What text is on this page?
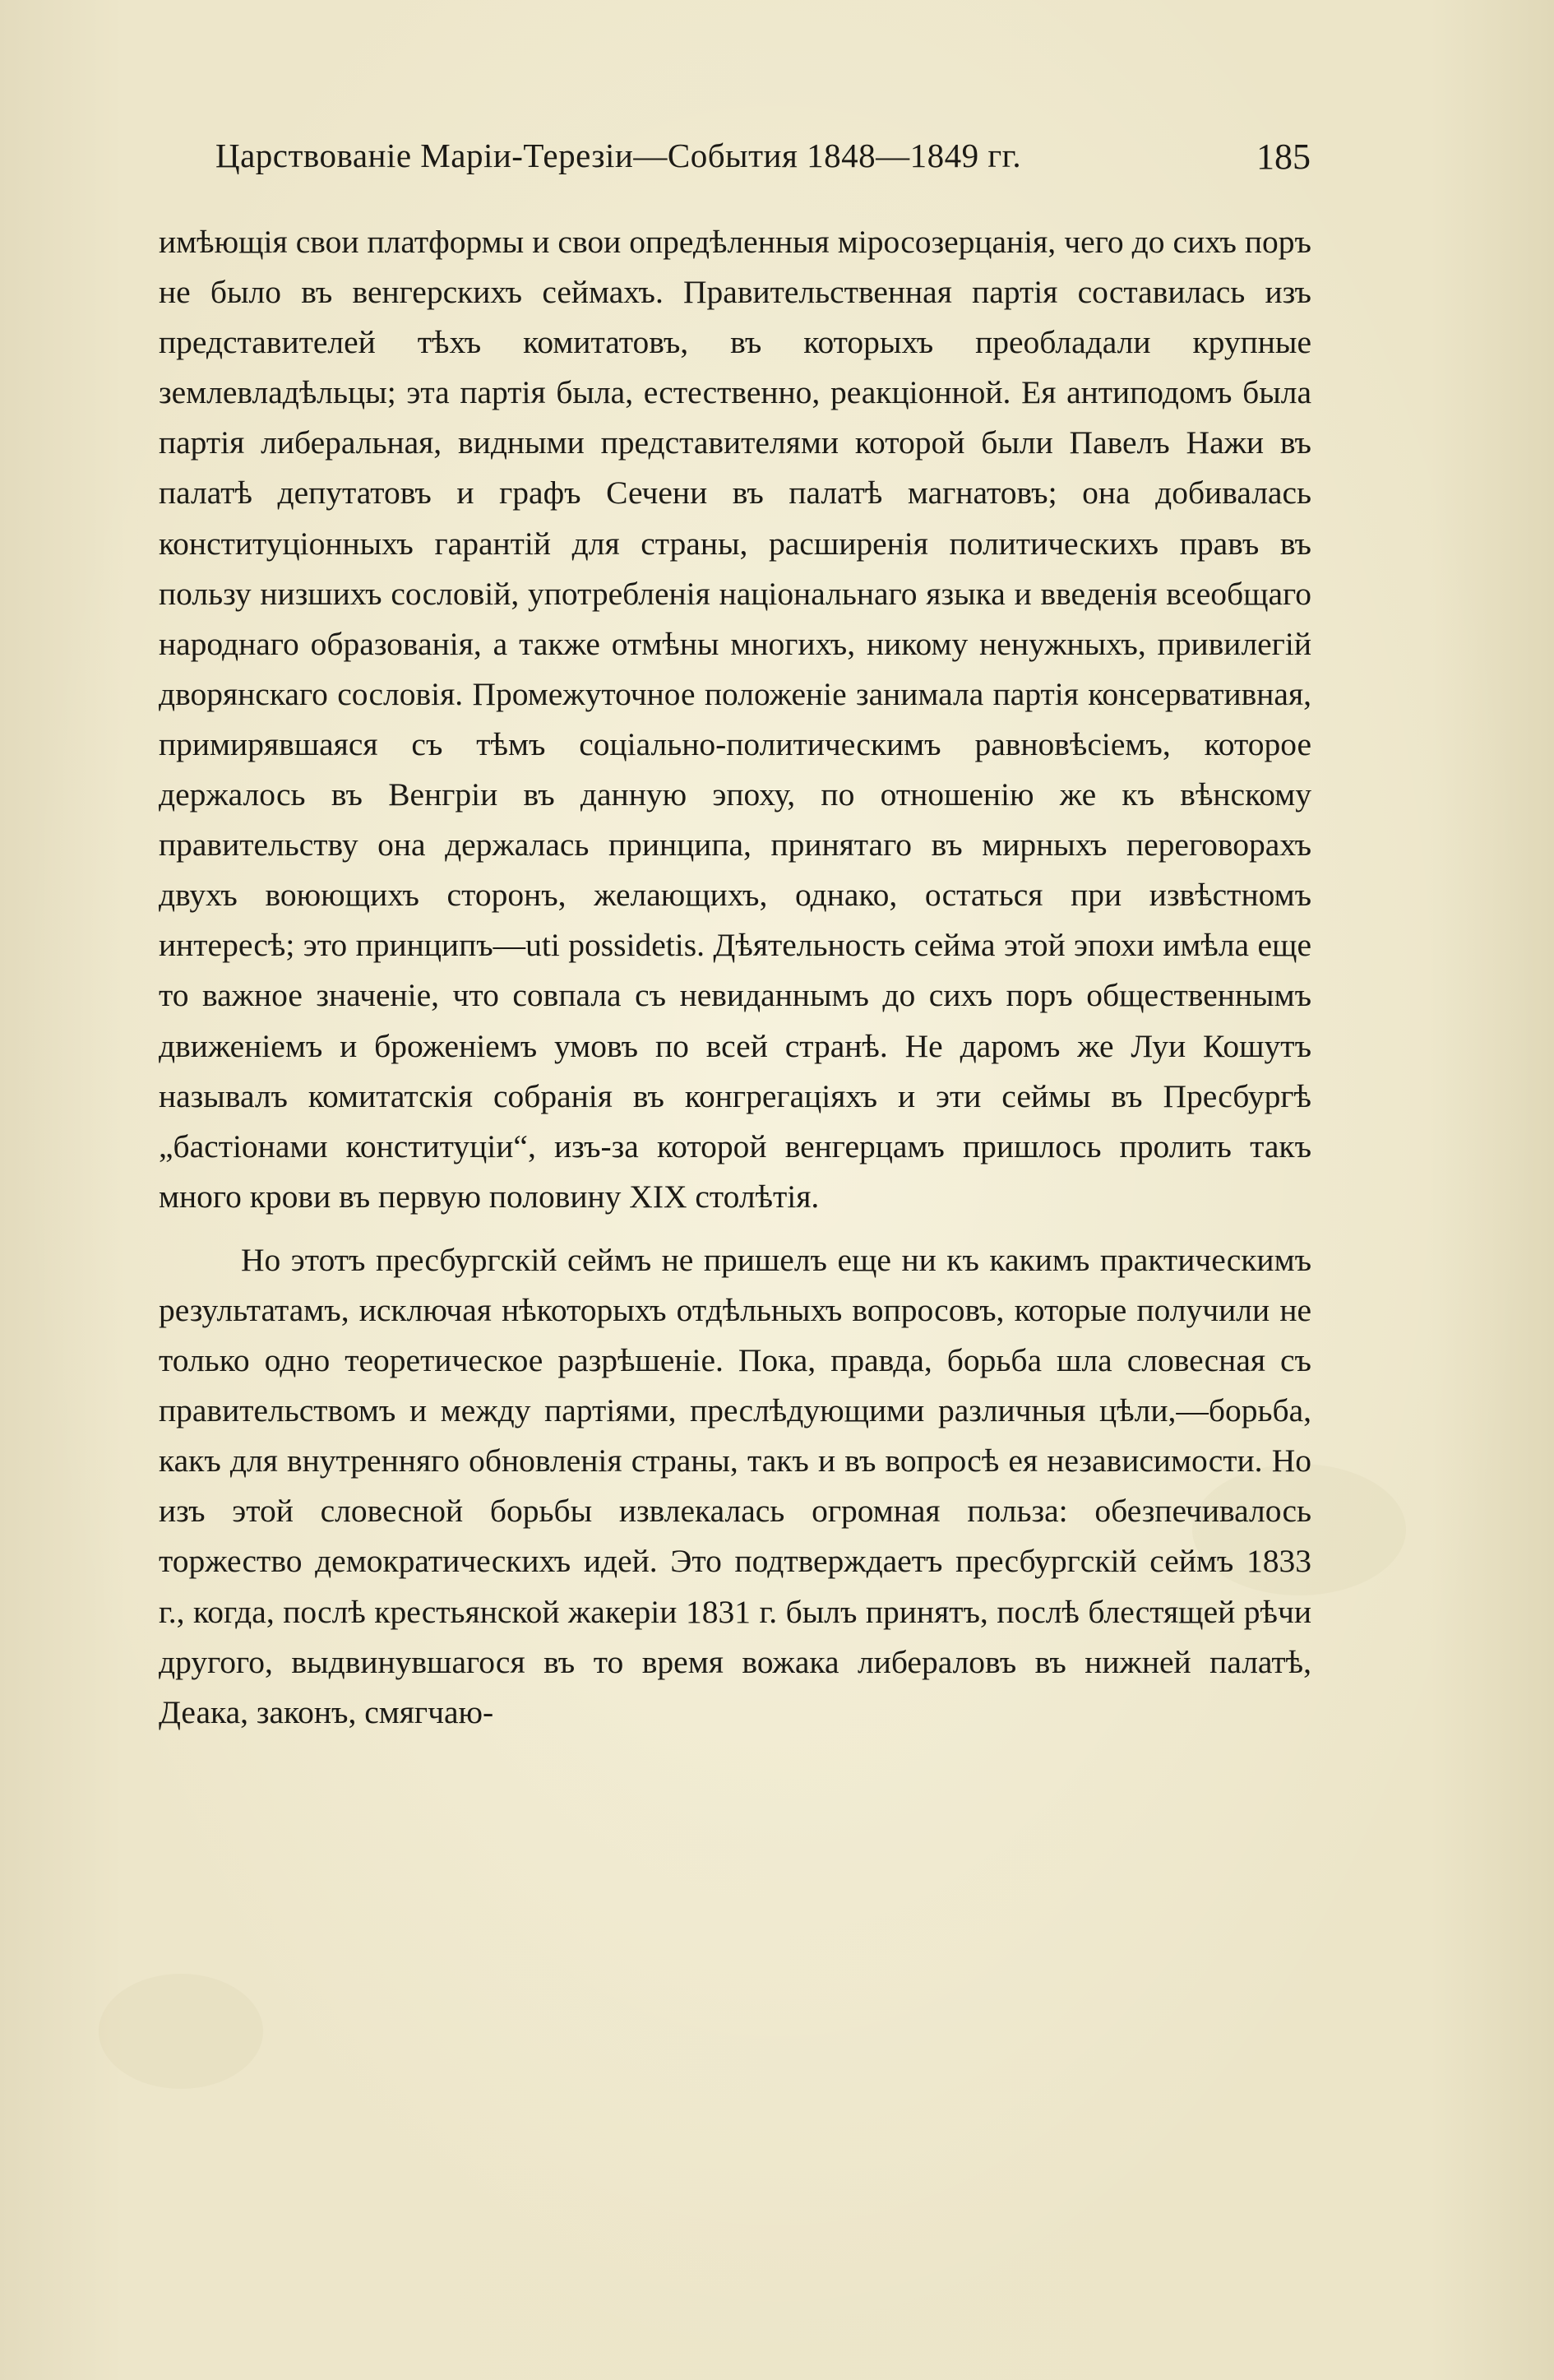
Царствованіе Маріи-Терезіи—События 1848—1849 гг.	185

имѣющія свои платформы и свои опредѣленныя міросозерцанія, чего до сихъ поръ не было въ венгерскихъ сеймахъ. Правительственная партія составилась изъ представителей тѣхъ комитатовъ, въ которыхъ преобладали крупные землевладѣльцы; эта партія была, естественно, реакціонной. Ея антиподомъ была партія либеральная, видными представителями которой были Павелъ Нажи въ палатѣ депутатовъ и графъ Сечени въ палатѣ магнатовъ; она добивалась конституціонныхъ гарантій для страны, расширенія политическихъ правъ въ пользу низшихъ сословій, употребленія національнаго языка и введенія всеобщаго народнаго образованія, а также отмѣны многихъ, никому ненужныхъ, привилегій дворянскаго сословія. Промежуточное положеніе занимала партія консервативная, примирявшаяся съ тѣмъ соціально-политическимъ равновѣсіемъ, которое держалось въ Венгріи въ данную эпоху, по отношенію же къ вѣнскому правительству она держалась принципа, принятаго въ мирныхъ переговорахъ двухъ воюющихъ сторонъ, желающихъ, однако, остаться при извѣстномъ интересѣ; это принципъ—uti possidetis. Дѣятельность сейма этой эпохи имѣла еще то важное значеніе, что совпала съ невиданнымъ до сихъ поръ общественнымъ движеніемъ и броженіемъ умовъ по всей странѣ. Не даромъ же Луи Кошутъ называлъ комитатскія собранія въ конгрегаціяхъ и эти сеймы въ Пресбургѣ „бастіонами конституціи“, изъ-за которой венгерцамъ пришлось пролить такъ много крови въ первую половину XIX столѣтія.

Но этотъ пресбургскій сеймъ не пришелъ еще ни къ какимъ практическимъ результатамъ, исключая нѣкоторыхъ отдѣльныхъ вопросовъ, которые получили не только одно теоретическое разрѣшеніе. Пока, правда, борьба шла словесная съ правительствомъ и между партіями, преслѣдующими различныя цѣли,—борьба, какъ для внутренняго обновленія страны, такъ и въ вопросѣ ея независимости. Но изъ этой словесной борьбы извлекалась огромная польза: обезпечивалось торжество демократическихъ идей. Это подтверждаетъ пресбургскій сеймъ 1833 г., когда, послѣ крестьянской жакеріи 1831 г. былъ принятъ, послѣ блестящей рѣчи другого, выдвинувшагося въ то время вожака либераловъ въ нижней палатѣ, Деака, законъ, смягчаю-
